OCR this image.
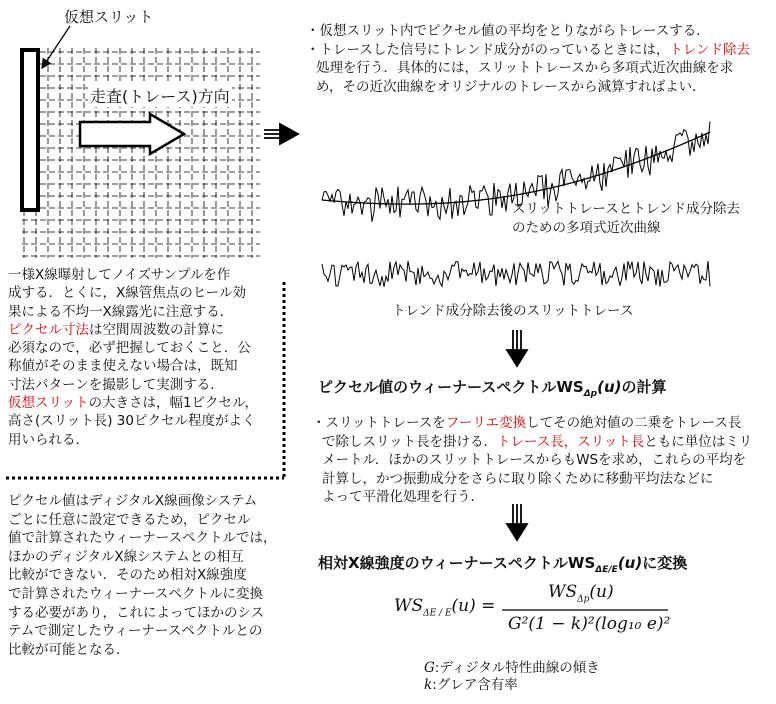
仮想スリット
走査(トレース)方向
一様X線曝射してノイズサンプルを作
成する．とくに，X線管焦点のヒール効
果による不均一X線露光に注意する．
ピクセル寸法は空間周波数の計算に
必須なので，必ず把握しておくこと．公
称値がそのまま使えない場合は，既知
寸法パターンを撮影して実測する．
仮想スリットの大きさは，幅1ピクセル，
高さ(スリット長) 30ピクセル程度がよく
用いられる．
ピクセル値はディジタルX線画像システム
ごとに任意に設定できるため，ピクセル
値で計算されたウィーナースペクトルでは，
ほかのディジタルX線システムとの相互
比較ができない．そのため相対X線強度
で計算されたウィーナースペクトルに変換
する必要があり，これによってほかのシス
テムで測定したウィーナースペクトルとの
比較が可能となる．
・仮想スリット内でピクセル値の平均をとりながらトレースする．
・トレースした信号にトレンド成分がのっているときには，トレンド除去
処理を行う．具体的には，スリットトレースから多項式近次曲線を求
め，その近次曲線をオリジナルのトレースから減算すればよい．
スリットトレースとトレンド成分除去
のための多項式近次曲線
トレンド成分除去後のスリットトレース
ピクセル値のウィーナースペクトル$WS_{\Delta p}(u)$の計算
・スリットトレースをフーリエ変換してその絶対値の二乗をトレース長
で除しスリット長を掛ける．トレース長，スリット長ともに単位はミリ
メートル．ほかのスリットトレースからもWSを求め，これらの平均を
計算し，かつ振動成分をさらに取り除くために移動平均法などに
よって平滑化処理を行う．
相対X線強度のウィーナースペクトル$WS_{\Delta E/E}(u)$に変換
$WS_{\Delta E / E}(u)$ =
$WS_{\Delta p}(u)$
G²(1 − k)²(log₁₀ e)²
G:ディジタル特性曲線の傾き
k:グレア含有率
